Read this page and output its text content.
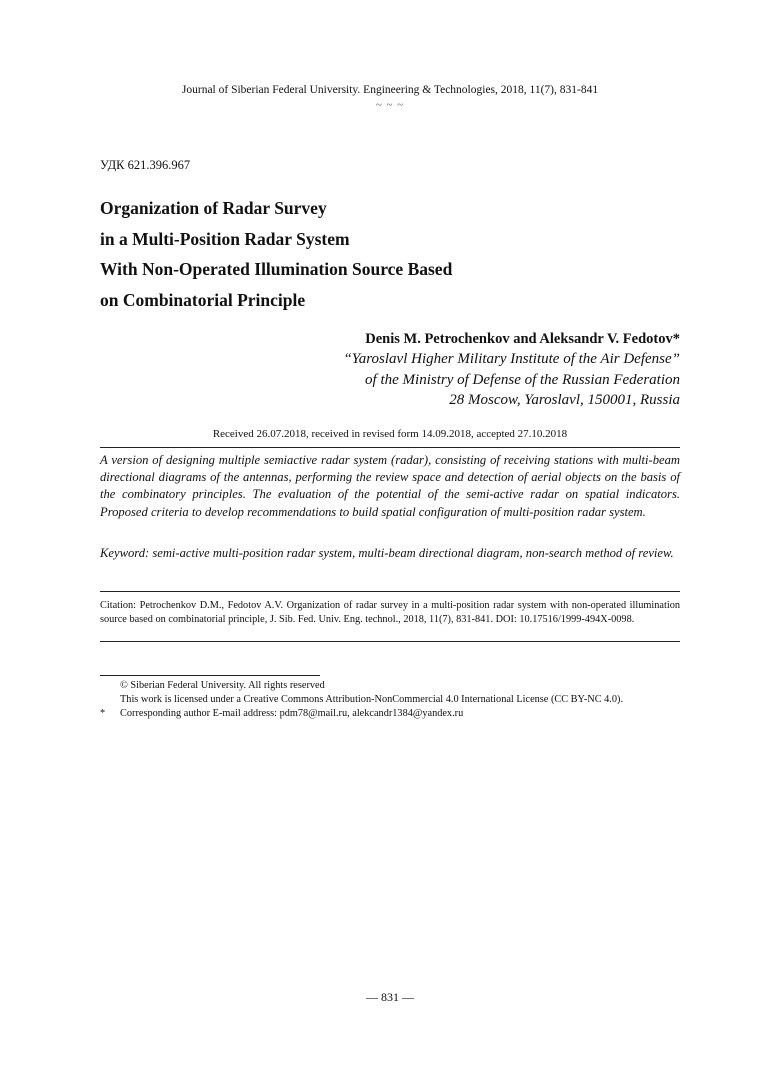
Journal of Siberian Federal University. Engineering & Technologies, 2018, 11(7), 831-841
~ ~ ~
УДК 621.396.967
Organization of Radar Survey
in a Multi-Position Radar System
With Non-Operated Illumination Source Based
on Combinatorial Principle
Denis M. Petrochenkov and Aleksandr V. Fedotov*
“Yaroslavl Higher Military Institute of the Air Defense”
of the Ministry of Defense of the Russian Federation
28 Moscow, Yaroslavl, 150001, Russia
Received 26.07.2018, received in revised form 14.09.2018, accepted 27.10.2018
A version of designing multiple semiactive radar system (radar), consisting of receiving stations with multi-beam directional diagrams of the antennas, performing the review space and detection of aerial objects on the basis of the combinatory principles. The evaluation of the potential of the semi-active radar on spatial indicators. Proposed criteria to develop recommendations to build spatial configuration of multi-position radar system.
Keyword: semi-active multi-position radar system, multi-beam directional diagram, non-search method of review.
Citation: Petrochenkov D.M., Fedotov A.V. Organization of radar survey in a multi-position radar system with non-operated illumination source based on combinatorial principle, J. Sib. Fed. Univ. Eng. technol., 2018, 11(7), 831-841. DOI: 10.17516/1999-494X-0098.
© Siberian Federal University. All rights reserved
This work is licensed under a Creative Commons Attribution-NonCommercial 4.0 International License (CC BY-NC 4.0).
* Corresponding author E-mail address: pdm78@mail.ru, alekcandr1384@yandex.ru
— 831 —
